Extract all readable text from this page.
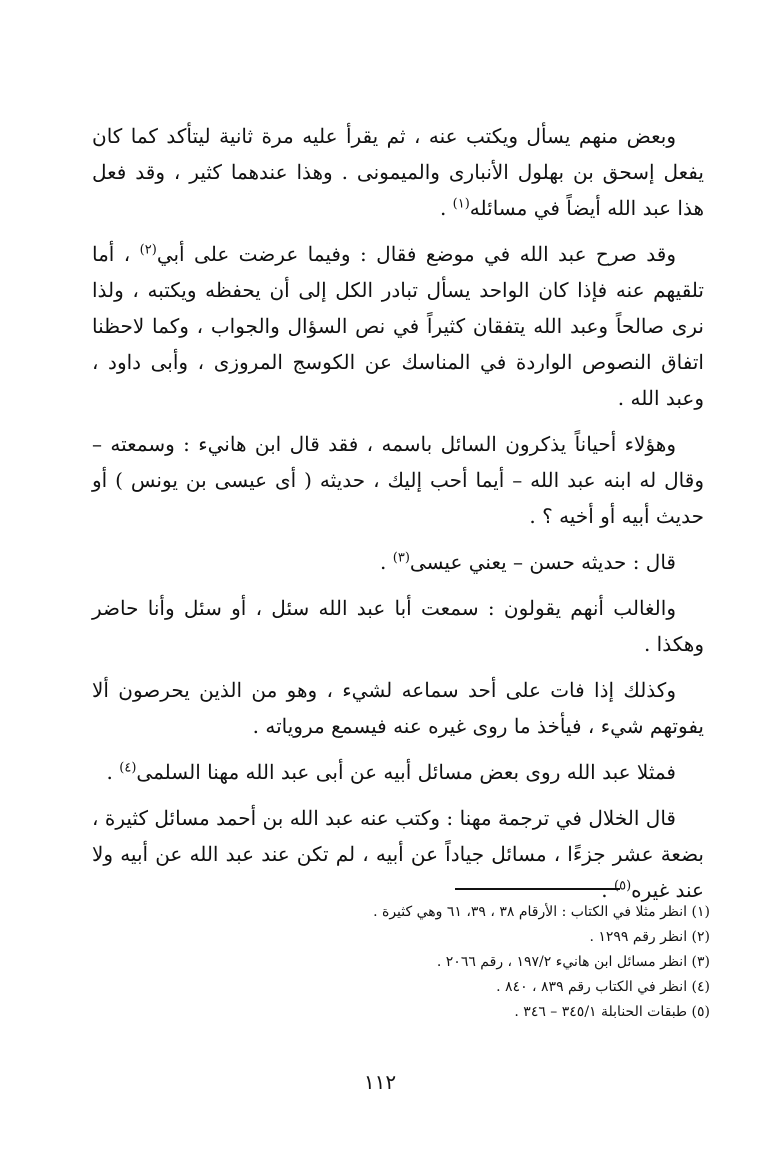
وبعض منهم يسأل ويكتب عنه ، ثم يقرأ عليه مرة ثانية ليتأكد كما كان يفعل إسحق بن بهلول الأنبارى والميمونى . وهذا عندهما كثير ، وقد فعل هذا عبد الله أيضاً في مسائله$^{(١)}$ .

وقد صرح عبد الله في موضع فقال : وفيما عرضت على أبي$^{(٢)}$ ، أما تلقيهم عنه فإذا كان الواحد يسأل تبادر الكل إلى أن يحفظه ويكتبه ، ولذا نرى صالحاً وعبد الله يتفقان كثيراً في نص السؤال والجواب ، وكما لاحظنا اتفاق النصوص الواردة في المناسك عن الكوسج المروزى ، وأبى داود ، وعبد الله .

وهؤلاء أحياناً يذكرون السائل باسمه ، فقد قال ابن هانيء : وسمعته – وقال له ابنه عبد الله – أيما أحب إليك ، حديثه ( أى عيسى بن يونس ) أو حديث أبيه أو أخيه ؟ .

قال : حديثه حسن – يعني عيسى$^{(٣)}$ .

والغالب أنهم يقولون : سمعت أبا عبد الله سئل ، أو سئل وأنا حاضر وهكذا .

وكذلك إذا فات على أحد سماعه لشيء ، وهو من الذين يحرصون ألا يفوتهم شيء ، فيأخذ ما روى غيره عنه فيسمع مروياته .

فمثلا عبد الله روى بعض مسائل أبيه عن أبى عبد الله مهنا السلمى$^{(٤)}$ .

قال الخلال في ترجمة مهنا : وكتب عنه عبد الله بن أحمد مسائل كثيرة ، بضعة عشر جزءًا ، مسائل جياداً عن أبيه ، لم تكن عند عبد الله عن أبيه ولا عند غيره$^{(٥)}$ .

(١) انظر مثلا في الكتاب : الأرقام ٣٨ ، ٣٩، ٦١ وهي كثيرة .

(٢) انظر رقم ١٢٩٩ .

(٣) انظر مسائل ابن هانيء ١٩٧/٢ ، رقم ٢٠٦٦ .

(٤) انظر في الكتاب رقم ٨٣٩ ، ٨٤٠ .

(٥) طبقات الحنابلة ٣٤٥/١ – ٣٤٦ .

١١٢
